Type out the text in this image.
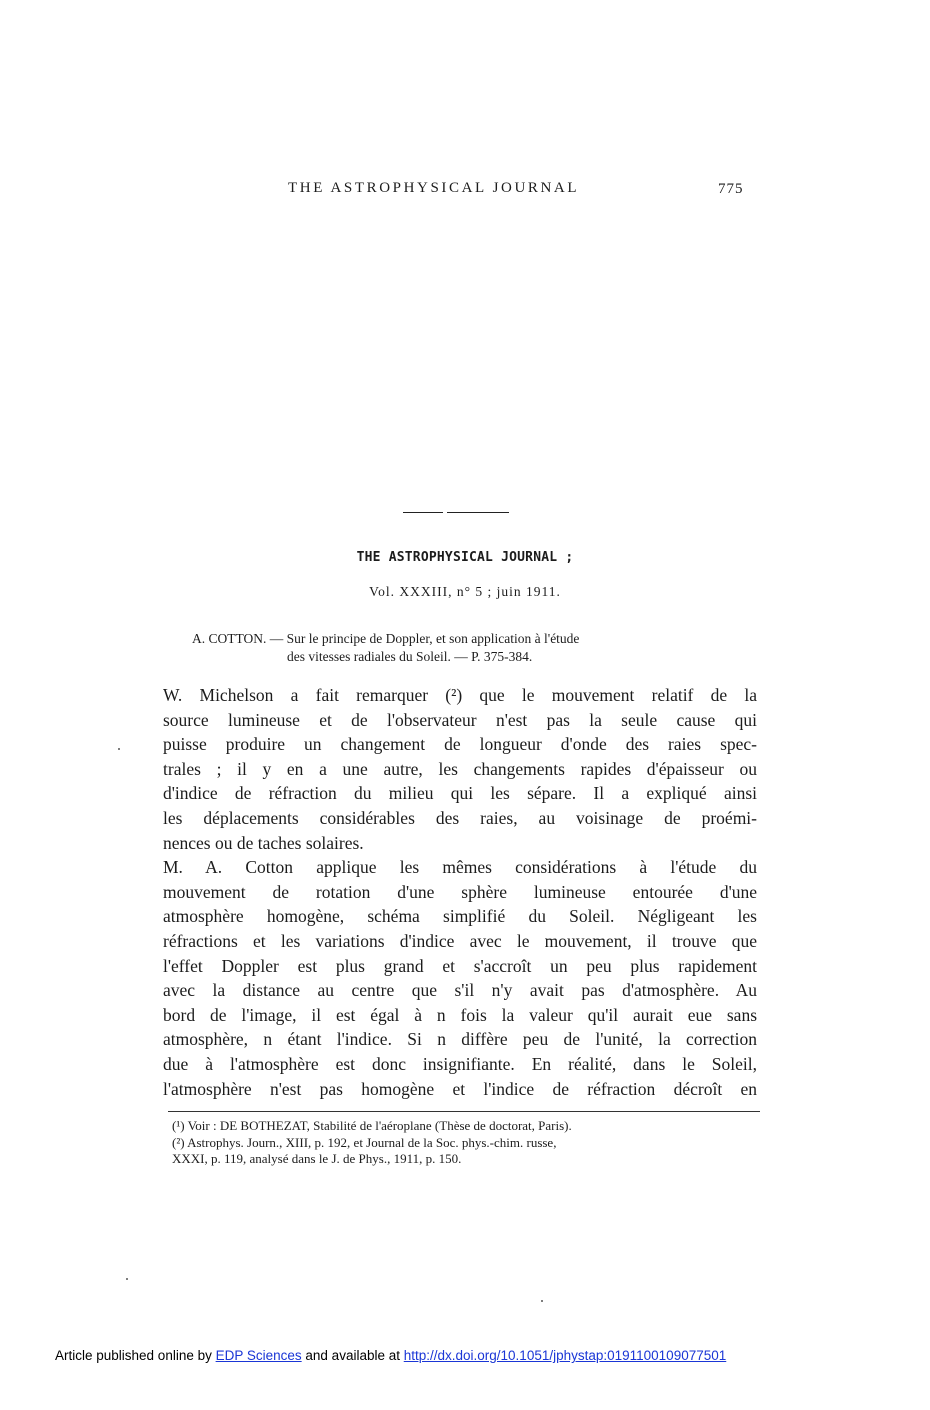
THE ASTROPHYSICAL JOURNAL	775
THE ASTROPHYSICAL JOURNAL ;
Vol. XXXIII, n° 5 ; juin 1911.
A. COTTON. — Sur le principe de Doppler, et son application à l'étude
des vitesses radiales du Soleil. — P. 375-384.
W. Michelson a fait remarquer (²) que le mouvement relatif de la
source lumineuse et de l'observateur n'est pas la seule cause qui
puisse produire un changement de longueur d'onde des raies spec-
trales ; il y en a une autre, les changements rapides d'épaisseur ou
d'indice de réfraction du milieu qui les sépare. Il a expliqué ainsi
les déplacements considérables des raies, au voisinage de proémi-
nences ou de taches solaires.
M. A. Cotton applique les mêmes considérations à l'étude du
mouvement de rotation d'une sphère lumineuse entourée d'une
atmosphère homogène, schéma simplifié du Soleil. Négligeant les
réfractions et les variations d'indice avec le mouvement, il trouve que
l'effet Doppler est plus grand et s'accroît un peu plus rapidement
avec la distance au centre que s'il n'y avait pas d'atmosphère. Au
bord de l'image, il est égal à n fois la valeur qu'il aurait eue sans
atmosphère, n étant l'indice. Si n diffère peu de l'unité, la correction
due à l'atmosphère est donc insignifiante. En réalité, dans le Soleil,
l'atmosphère n'est pas homogène et l'indice de réfraction décroît en
(¹) Voir : DE BOTHEZAT, Stabilité de l'aéroplane (Thèse de doctorat, Paris).
(²) Astrophys. Journ., XIII, p. 192, et Journal de la Soc. phys.-chim. russe,
XXXI, p. 119, analysé dans le J. de Phys., 1911, p. 150.
Article published online by EDP Sciences and available at http://dx.doi.org/10.1051/jphystap:0191100109077501
